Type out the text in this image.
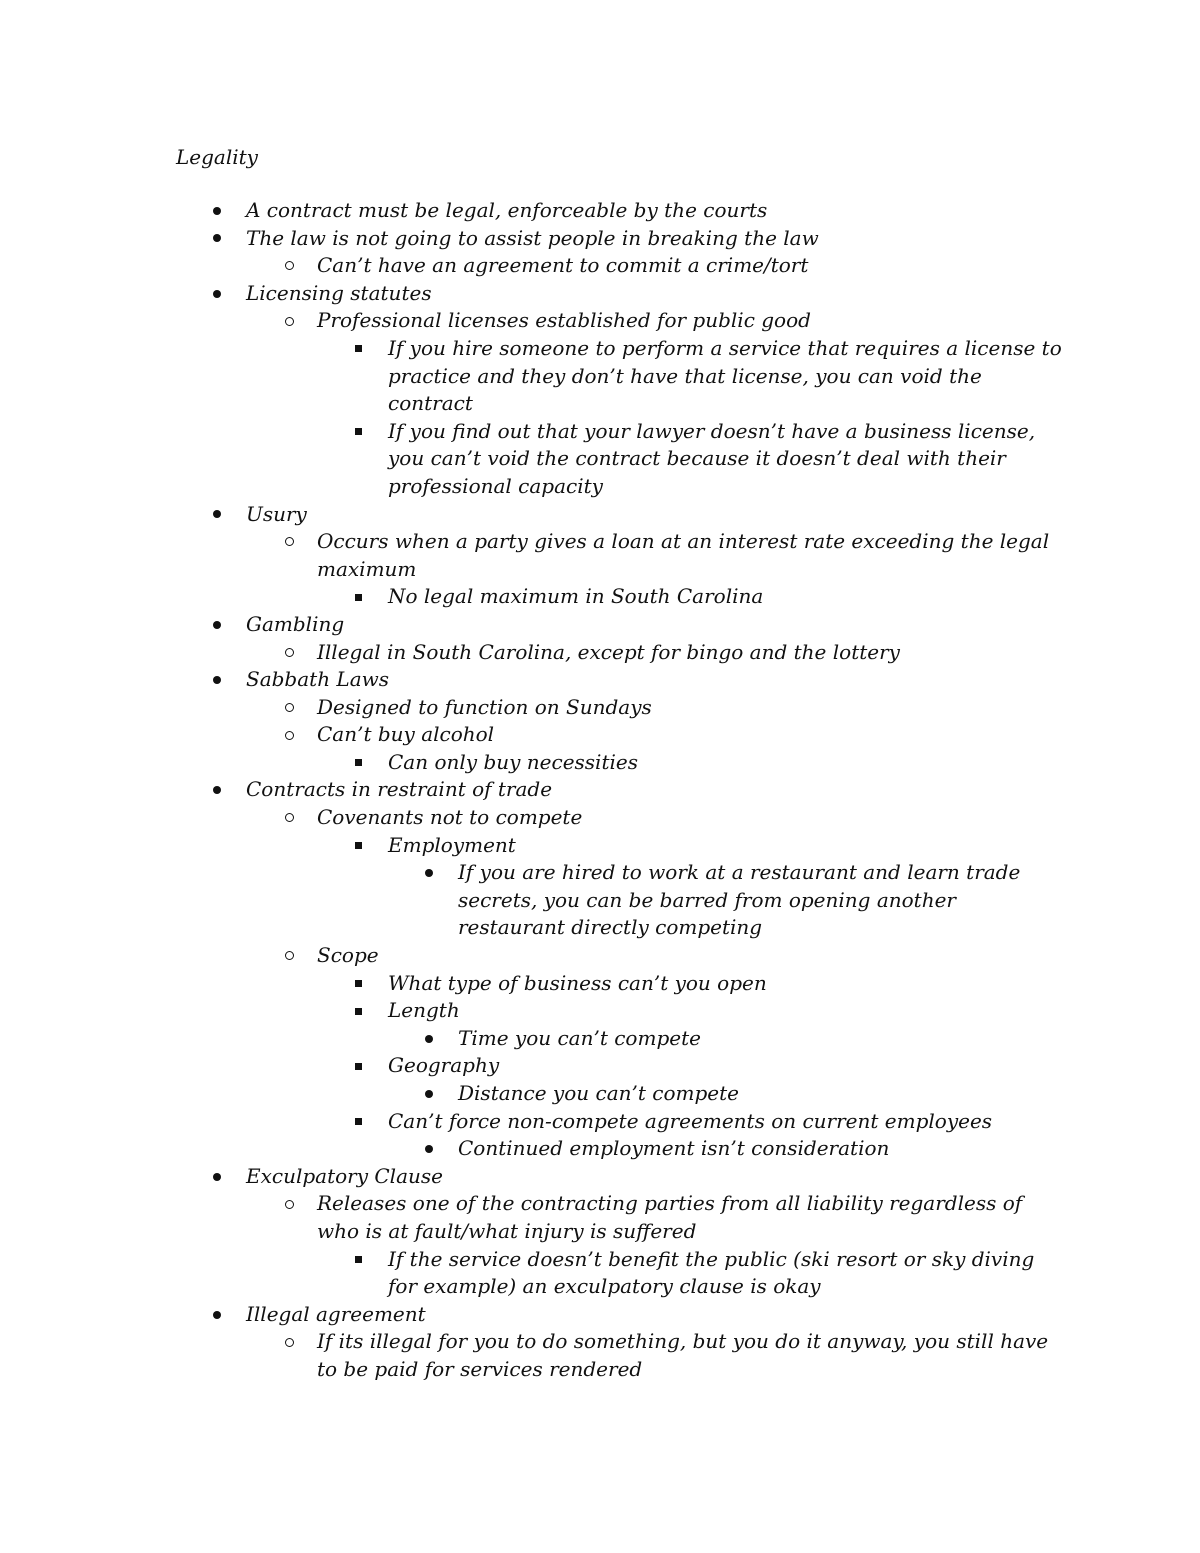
Legality
A contract must be legal, enforceable by the courts
The law is not going to assist people in breaking the law
Can’t have an agreement to commit a crime/tort
Licensing statutes
Professional licenses established for public good
If you hire someone to perform a service that requires a license to
practice and they don’t have that license, you can void the
contract
If you find out that your lawyer doesn’t have a business license,
you can’t void the contract because it doesn’t deal with their
professional capacity
Usury
Occurs when a party gives a loan at an interest rate exceeding the legal
maximum
No legal maximum in South Carolina
Gambling
Illegal in South Carolina, except for bingo and the lottery
Sabbath Laws
Designed to function on Sundays
Can’t buy alcohol
Can only buy necessities
Contracts in restraint of trade
Covenants not to compete
Employment
If you are hired to work at a restaurant and learn trade
secrets, you can be barred from opening another
restaurant directly competing
Scope
What type of business can’t you open
Length
Time you can’t compete
Geography
Distance you can’t compete
Can’t force non-compete agreements on current employees
Continued employment isn’t consideration
Exculpatory Clause
Releases one of the contracting parties from all liability regardless of
who is at fault/what injury is suffered
If the service doesn’t benefit the public (ski resort or sky diving
for example) an exculpatory clause is okay
Illegal agreement
If its illegal for you to do something, but you do it anyway, you still have
to be paid for services rendered
